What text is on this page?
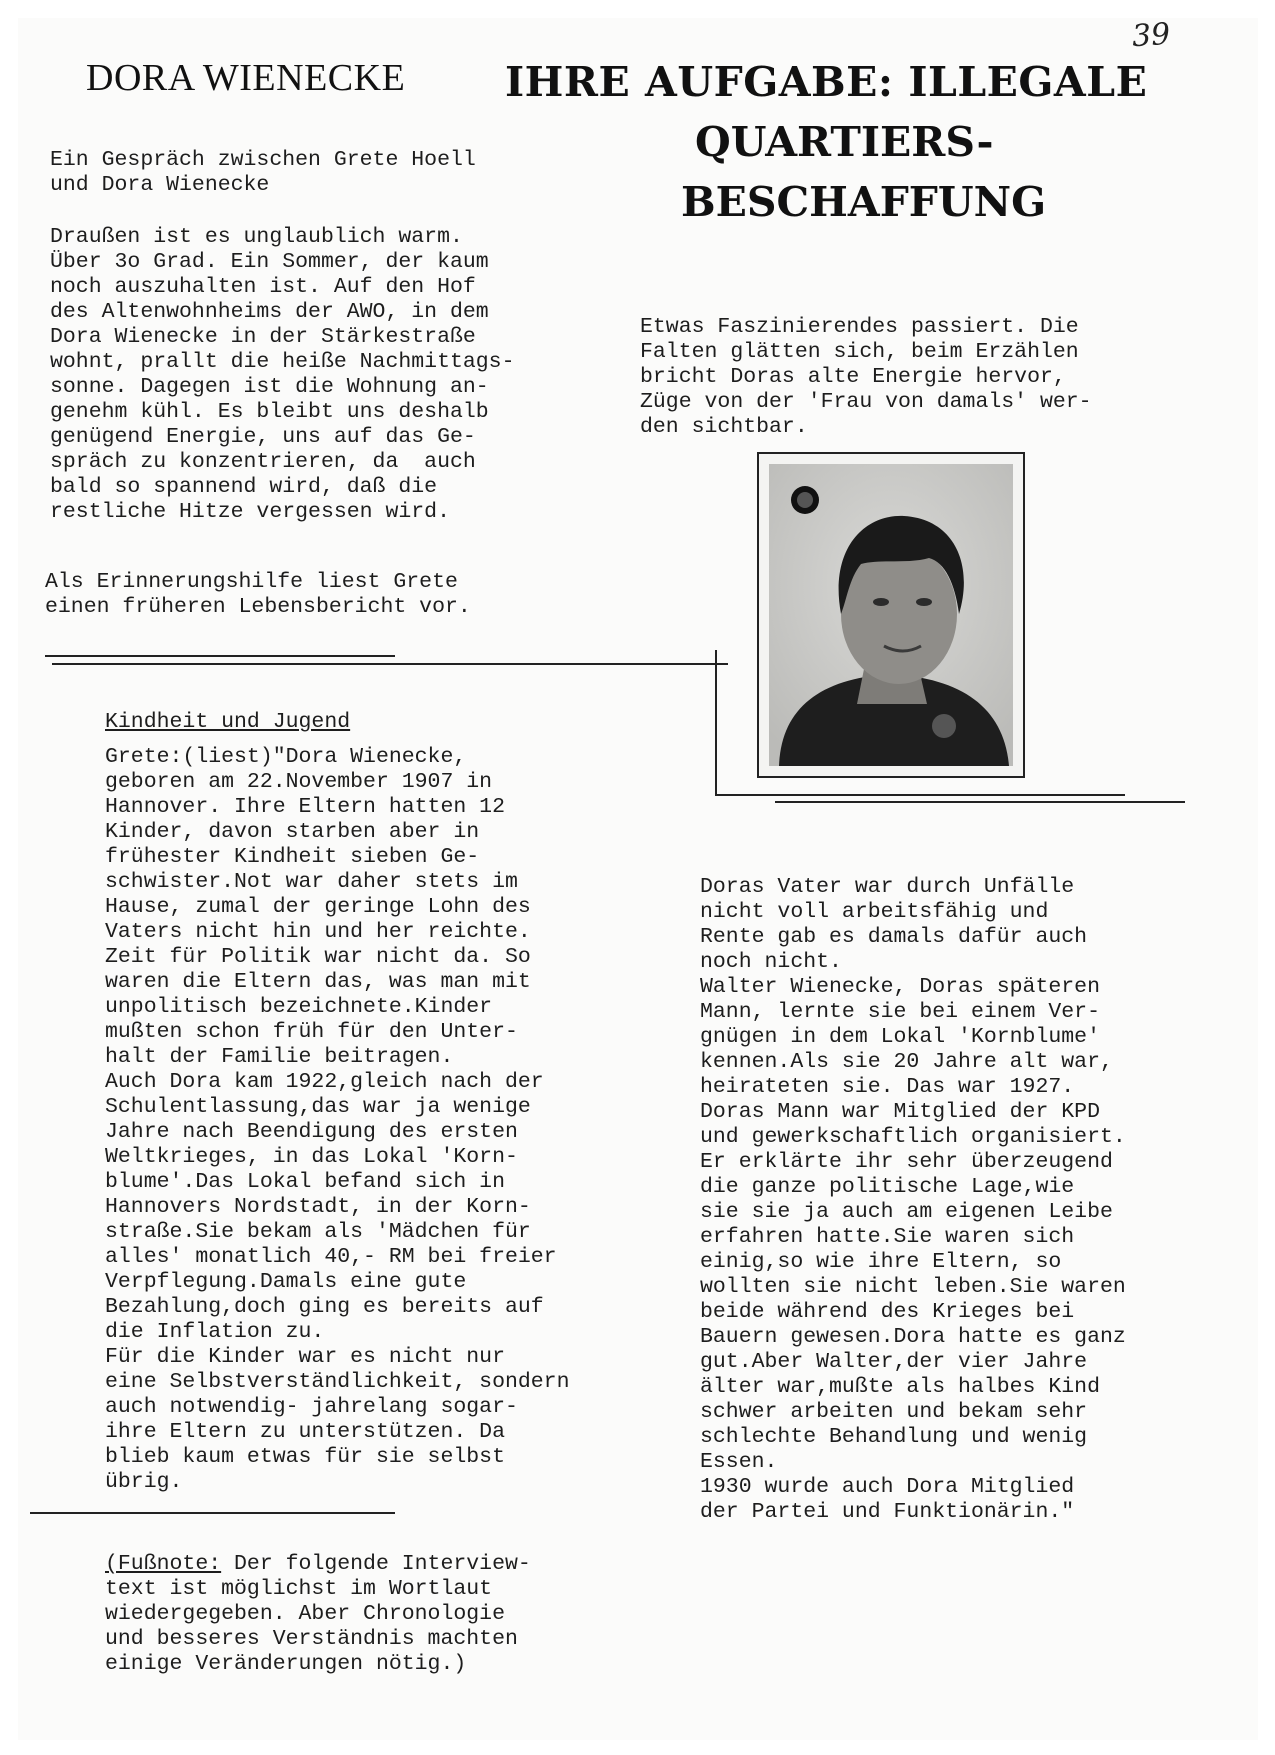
39
DORA WIENECKE IHRE AUFGABE: ILLEGALE
QUARTIERS-
BESCHAFFUNG
Ein Gespräch zwischen Grete Hoell
und Dora Wienecke
Draußen ist es unglaublich warm.
Über 3o Grad. Ein Sommer, der kaum
noch auszuhalten ist. Auf den Hof
des Altenwohnheims der AWO, in dem
Dora Wienecke in der Stärkestraße
wohnt, prallt die heiße Nachmittags-
sonne. Dagegen ist die Wohnung an-
genehm kühl. Es bleibt uns deshalb
genügend Energie, uns auf das Ge-
spräch zu konzentrieren, da  auch
bald so spannend wird, daß die
restliche Hitze vergessen wird.
Als Erinnerungshilfe liest Grete
einen früheren Lebensbericht vor.
Etwas Faszinierendes passiert. Die
Falten glätten sich, beim Erzählen
bricht Doras alte Energie hervor,
Züge von der 'Frau von damals' wer-
den sichtbar.
Kindheit und Jugend
Grete:(liest)"Dora Wienecke,
geboren am 22.November 1907 in
Hannover. Ihre Eltern hatten 12
Kinder, davon starben aber in
frühester Kindheit sieben Ge-
schwister.Not war daher stets im
Hause, zumal der geringe Lohn des
Vaters nicht hin und her reichte.
Zeit für Politik war nicht da. So
waren die Eltern das, was man mit
unpolitisch bezeichnete.Kinder
mußten schon früh für den Unter-
halt der Familie beitragen.
Auch Dora kam 1922,gleich nach der
Schulentlassung,das war ja wenige
Jahre nach Beendigung des ersten
Weltkrieges, in das Lokal 'Korn-
blume'.Das Lokal befand sich in
Hannovers Nordstadt, in der Korn-
straße.Sie bekam als 'Mädchen für
alles' monatlich 40,- RM bei freier
Verpflegung.Damals eine gute
Bezahlung,doch ging es bereits auf
die Inflation zu.
Für die Kinder war es nicht nur
eine Selbstverständlichkeit, sondern
auch notwendig- jahrelang sogar-
ihre Eltern zu unterstützen. Da
blieb kaum etwas für sie selbst
übrig.
Doras Vater war durch Unfälle
nicht voll arbeitsfähig und
Rente gab es damals dafür auch
noch nicht.
Walter Wienecke, Doras späteren
Mann, lernte sie bei einem Ver-
gnügen in dem Lokal 'Kornblume'
kennen.Als sie 20 Jahre alt war,
heirateten sie. Das war 1927.
Doras Mann war Mitglied der KPD
und gewerkschaftlich organisiert.
Er erklärte ihr sehr überzeugend
die ganze politische Lage,wie
sie sie ja auch am eigenen Leibe
erfahren hatte.Sie waren sich
einig,so wie ihre Eltern, so
wollten sie nicht leben.Sie waren
beide während des Krieges bei
Bauern gewesen.Dora hatte es ganz
gut.Aber Walter,der vier Jahre
älter war,mußte als halbes Kind
schwer arbeiten und bekam sehr
schlechte Behandlung und wenig
Essen.
1930 wurde auch Dora Mitglied
der Partei und Funktionärin."
(Fußnote: Der folgende Interview-
text ist möglichst im Wortlaut
wiedergegeben. Aber Chronologie
und besseres Verständnis machten
einige Veränderungen nötig.)
